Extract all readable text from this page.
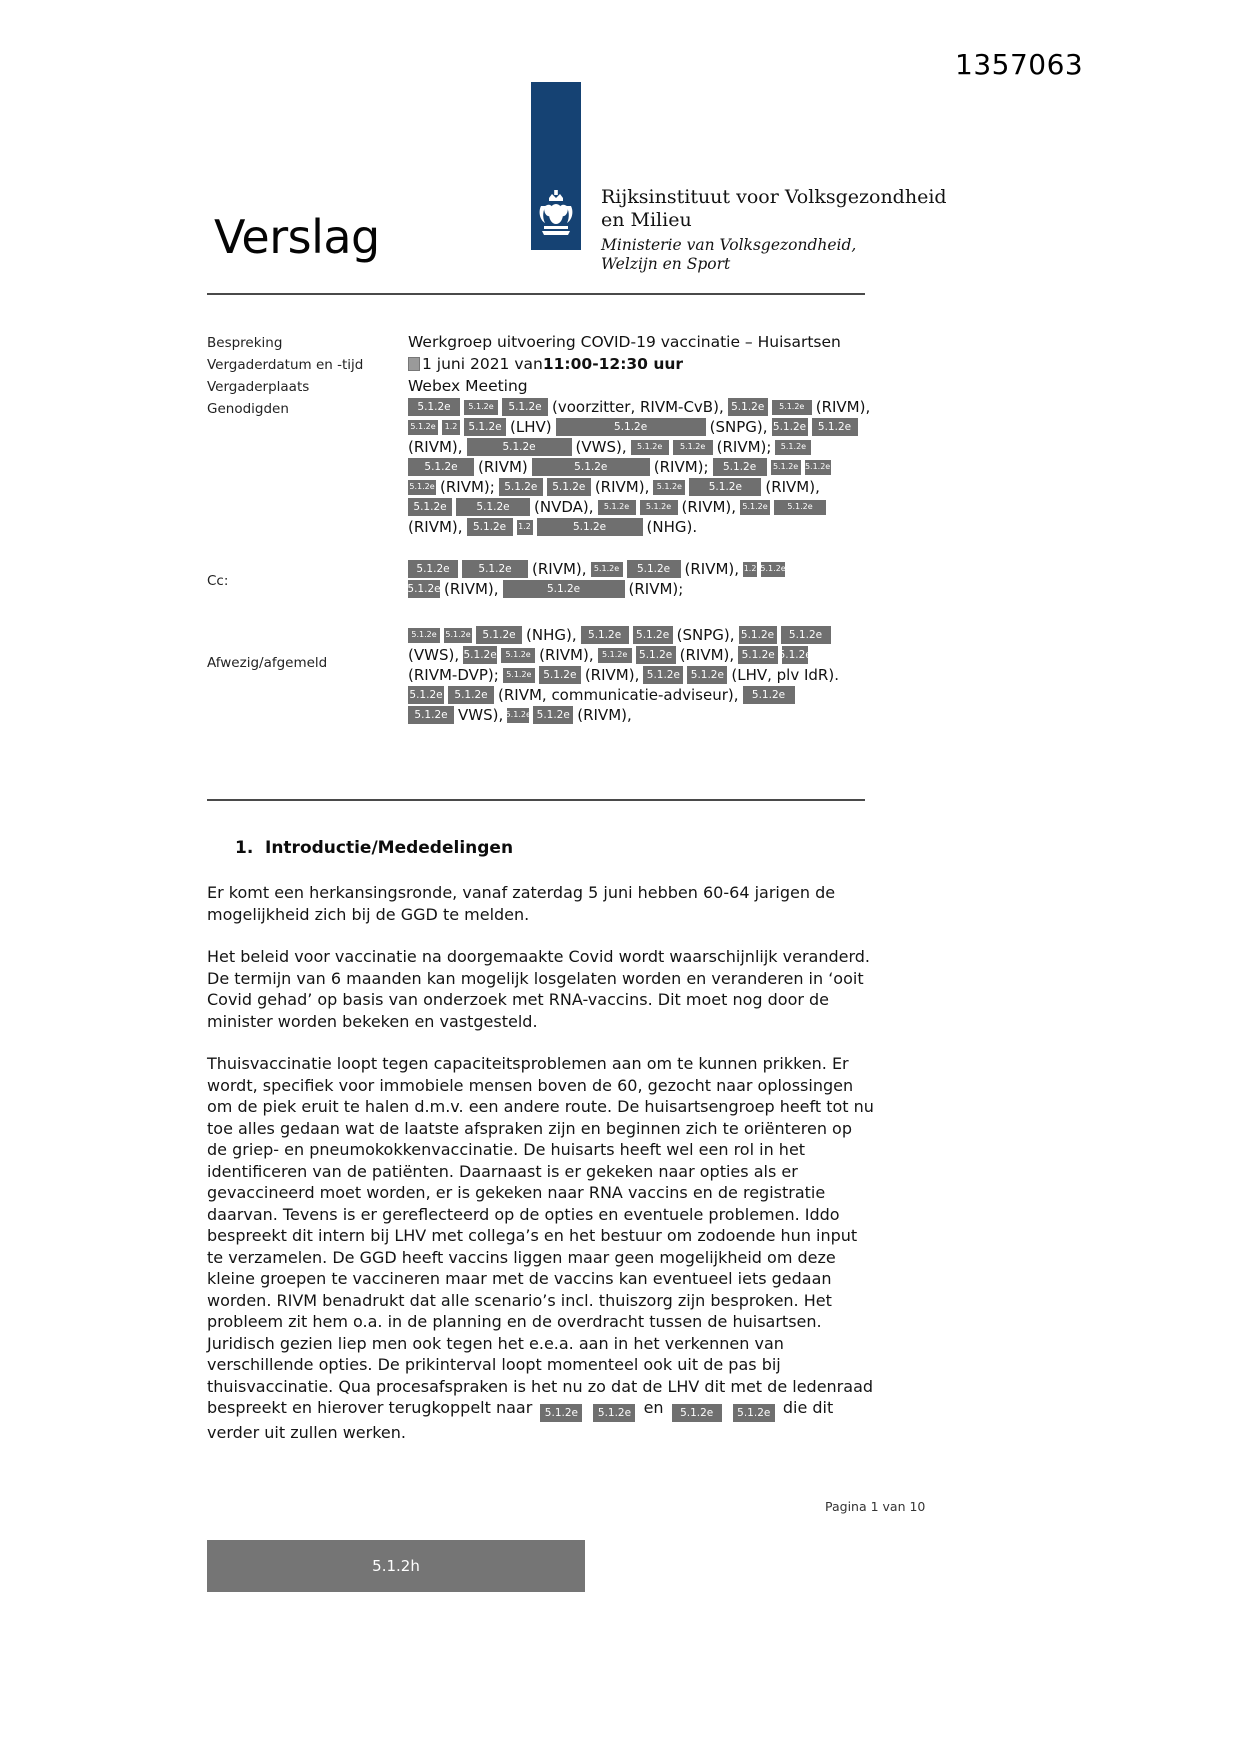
1357063
Rijksinstituut voor Volksgezondheid
en Milieu
Ministerie van Volksgezondheid,
Welzijn en Sport
Verslag
Bespreking	Werkgroep uitvoering COVID-19 vaccinatie – Huisartsen
Vergaderdatum en -tijd	1 juni 2021 van 11:00-12:30 uur
Vergaderplaats	Webex Meeting
Genodigden	5.1.2e	5.1.2e	5.1.2e (voorzitter, RIVM-CvB), 5.1.2e	5.1.2e (RIVM),
5.1.2e	1.2	5.1.2e (LHV)	5.1.2e	(SNPG), 5.1.2e	5.1.2e
(RIVM),	5.1.2e	(VWS),	5.1.2e	5.1.2e (RIVM);	5.1.2e
5.1.2e	(RIVM)	5.1.2e	(RIVM);	5.1.2e	5.1.2e 5.1.2e
5.1.2e (RIVM); 5.1.2e	5.1.2e (RIVM), 5.1.2e	5.1.2e	(RIVM),
5.1.2e	5.1.2e	(NVDA),	5.1.2e	5.1.2e (RIVM), 5.1.2e	5.1.2e
(RIVM), 5.1.2e	1.2	5.1.2e	(NHG).
Cc:
5.1.2e	5.1.2e	(RIVM), 5.1.2e	5.1.2e (RIVM), 1.2 5.1.2e
5.1.2e (RIVM),	5.1.2e	(RIVM);
Afwezig/afgemeld
5.1.2e	5.1.2e	5.1.2e (NHG),	5.1.2e	5.1.2e (SNPG), 5.1.2e	5.1.2e
(VWS), 5.1.2e	5.1.2e (RIVM),	5.1.2e	5.1.2e (RIVM), 5.1.2e 5.1.2e
(RIVM-DVP); 5.1.2e	5.1.2e (RIVM), 5.1.2e	5.1.2e (LHV, plv IdR).
5.1.2e	5.1.2e (RIVM, communicatie-adviseur),	5.1.2e
5.1.2e VWS), 5.1.2e 5.1.2e (RIVM),
1. Introductie/Mededelingen

Er komt een herkansingsronde, vanaf zaterdag 5 juni hebben 60-64 jarigen de mogelijkheid zich bij de GGD te melden.

Het beleid voor vaccinatie na doorgemaakte Covid wordt waarschijnlijk veranderd. De termijn van 6 maanden kan mogelijk losgelaten worden en veranderen in ‘ooit Covid gehad’ op basis van onderzoek met RNA-vaccins. Dit moet nog door de minister worden bekeken en vastgesteld.

Thuisvaccinatie loopt tegen capaciteitsproblemen aan om te kunnen prikken. Er wordt, specifiek voor immobiele mensen boven de 60, gezocht naar oplossingen om de piek eruit te halen d.m.v. een andere route. De huisartsengroep heeft tot nu toe alles gedaan wat de laatste afspraken zijn en beginnen zich te oriënteren op de griep- en pneumokokkenvaccinatie. De huisarts heeft wel een rol in het identificeren van de patiënten. Daarnaast is er gekeken naar opties als er gevaccineerd moet worden, er is gekeken naar RNA vaccins en de registratie daarvan. Tevens is er gereflecteerd op de opties en eventuele problemen. Iddo bespreekt dit intern bij LHV met collega’s en het bestuur om zodoende hun input te verzamelen. De GGD heeft vaccins liggen maar geen mogelijkheid om deze kleine groepen te vaccineren maar met de vaccins kan eventueel iets gedaan worden. RIVM benadrukt dat alle scenario’s incl. thuiszorg zijn besproken. Het probleem zit hem o.a. in de planning en de overdracht tussen de huisartsen. Juridisch gezien liep men ook tegen het e.e.a. aan in het verkennen van verschillende opties. De prikinterval loopt momenteel ook uit de pas bij thuisvaccinatie. Qua procesafspraken is het nu zo dat de LHV dit met de ledenraad bespreekt en hierover terugkoppelt naar 5.1.2e 5.1.2e en 5.1.2e 5.1.2e die dit verder uit zullen werken.

Pagina 1 van 10
5.1.2h
